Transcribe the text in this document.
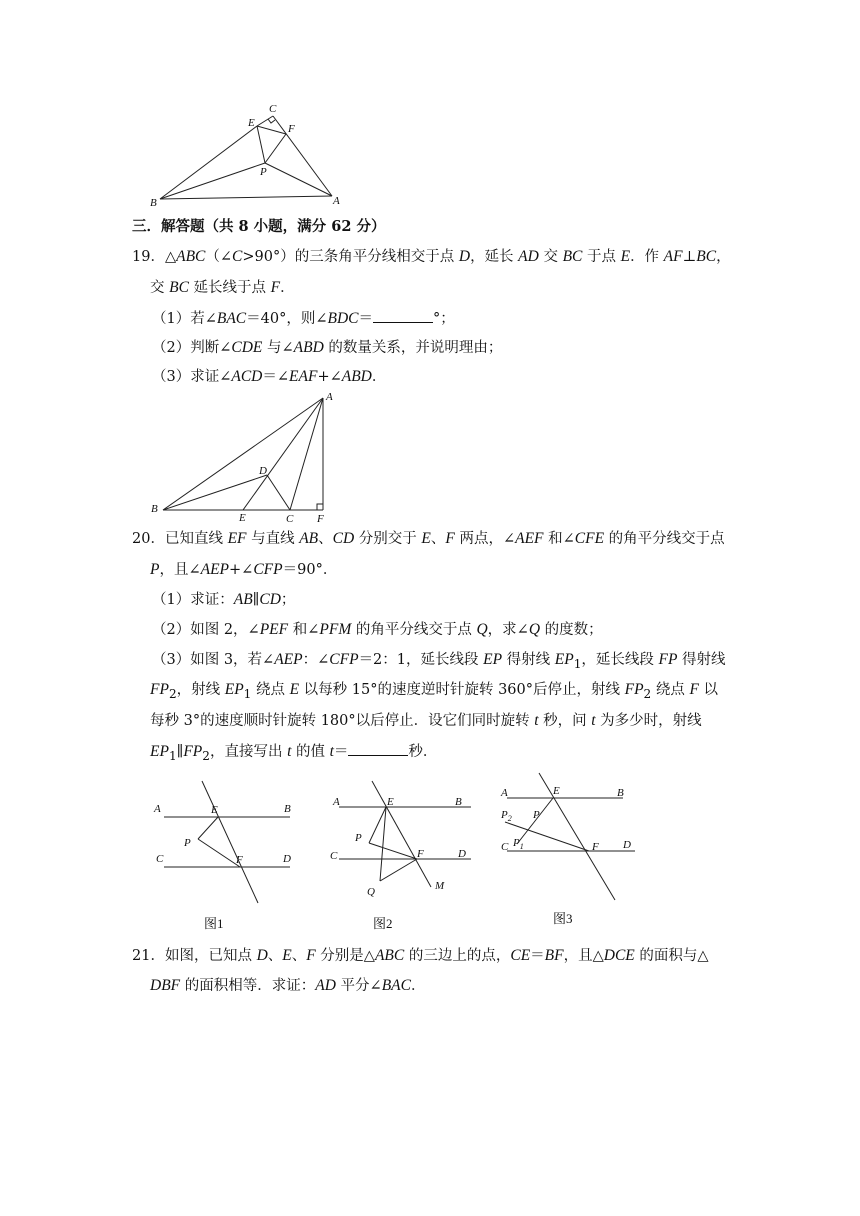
C
E	F
P
B	A
三．解答题（共 8 小题，满分 62 分）
19．△ABC（∠C>90°）的三条角平分线相交于点 D，延长 AD 交 BC 于点 E．作 AF⊥BC，
交 BC 延长线于点 F．
（1）若∠BAC＝40°，则∠BDC＝	°；
（2）判断∠CDE 与∠ABD 的数量关系，并说明理由；
（3）求证∠ACD＝∠EAF+∠ABD．
A
B
D
E	C F
20．已知直线 EF 与直线 AB、CD 分别交于 E、F 两点，∠AEF 和∠CFE 的角平分线交于点
P，且∠AEP+∠CFP＝90°．
（1）求证：AB∥CD；
（2）如图 2，∠PEF 和∠PFM 的角平分线交于点 Q，求∠Q 的度数；
（3）如图 3，若∠AEP：∠CFP＝2：1，延长线段 EP 得射线 $EP_1$，延长线段 FP 得射线
$FP_2$，射线 $EP_1$ 绕点 E 以每秒 15°的速度逆时针旋转 360°后停止，射线 $FP_2$ 绕点 F 以
每秒 3°的速度顺时针旋转 180°以后停止．设它们同时旋转 t 秒，问 t 为多少时，射线
$EP_1\parallel FP_2$，直接写出 t 的值 t＝	秒．
A	E	B
P
C	F	D
图1
A	E	B
P
C	F	D
Q	M
图2
A	E	B
$P_2$ P
C $P_1$	F D
图3
21．如图，已知点 D、E、F 分别是△ABC 的三边上的点，CE＝BF，且△DCE 的面积与△
DBF 的面积相等．求证：AD 平分∠BAC．
